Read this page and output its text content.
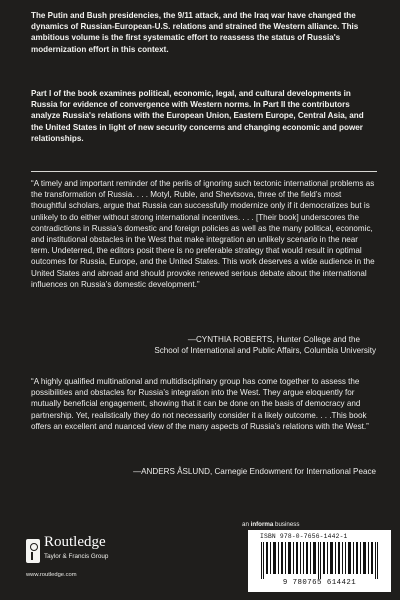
The Putin and Bush presidencies, the 9/11 attack, and the Iraq war have changed the dynamics of Russian-European-U.S. relations and strained the Western alliance. This ambitious volume is the first systematic effort to reassess the status of Russia's modernization effort in this context.

Part I of the book examines political, economic, legal, and cultural developments in Russia for evidence of convergence with Western norms. In Part II the contributors analyze Russia's relations with the European Union, Eastern Europe, Central Asia, and the United States in light of new security concerns and changing economic and power relationships.

“A timely and important reminder of the perils of ignoring such tectonic international problems as the transformation of Russia. . . . Motyl, Ruble, and Shevtsova, three of the field’s most thoughtful scholars, argue that Russia can successfully modernize only if it democratizes but is unlikely to do either without strong international incentives. . . . [Their book] underscores the contradictions in Russia’s domestic and foreign policies as well as the many political, economic, and institutional obstacles in the West that make integration an unlikely scenario in the near term. Undeterred, the editors posit there is no preferable strategy that would result in optimal outcomes for Russia, Europe, and the United States. This work deserves a wide audience in the United States and abroad and should provoke renewed serious debate about the international influences on Russia’s domestic development.”

—CYNTHIA ROBERTS, Hunter College and the
School of International and Public Affairs, Columbia University

“A highly qualified multinational and multidisciplinary group has come together to assess the possibilities and obstacles for Russia’s integration into the West. They argue eloquently for mutually beneficial engagement, showing that it can be done on the basis of democracy and partnership. Yet, realistically they do not necessarily consider it a likely outcome. . . .This book offers an excellent and nuanced view of the many aspects of Russia’s relations with the West.”

—ANDERS ÅSLUND, Carnegie Endowment for International Peace
Routledge
Taylor & Francis Group
www.routledge.com
an informa business
ISBN 978-0-7656-1442-1
9 780765 614421
